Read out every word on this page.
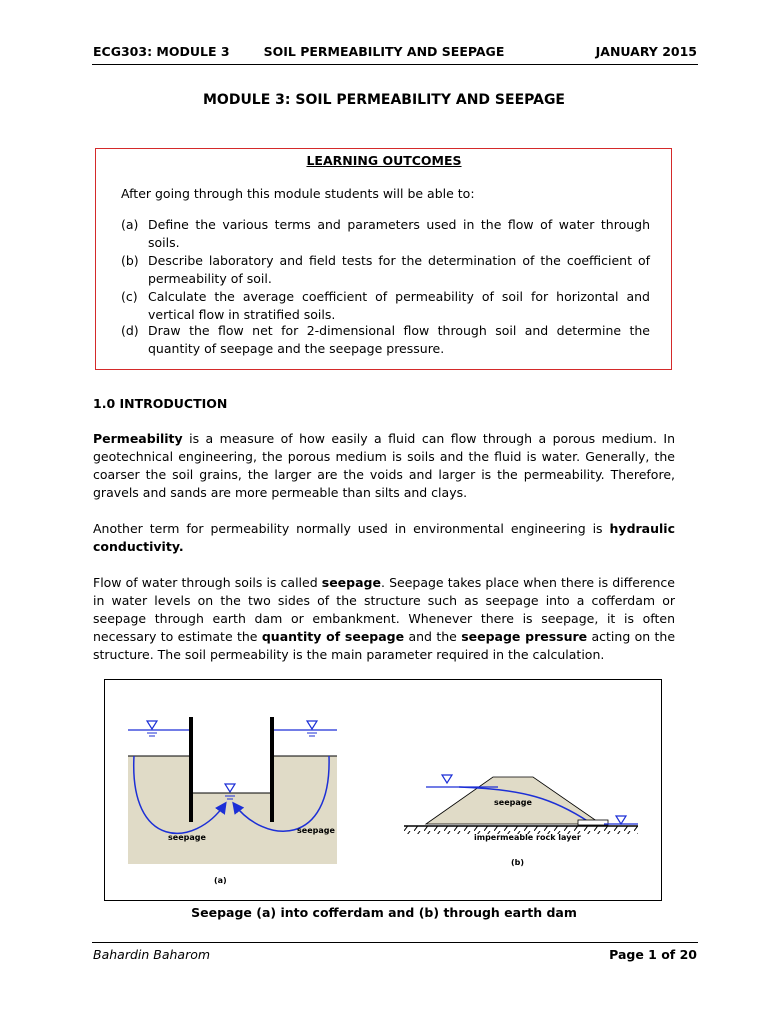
ECG303: MODULE 3	SOIL PERMEABILITY AND SEEPAGE	JANUARY 2015
MODULE 3: SOIL PERMEABILITY AND SEEPAGE
LEARNING OUTCOMES
After going through this module students will be able to:
(a) Define the various terms and parameters used in the flow of water through soils.
(b) Describe laboratory and field tests for the determination of the coefficient of permeability of soil.
(c) Calculate the average coefficient of permeability of soil for horizontal and vertical flow in stratified soils.
(d) Draw the flow net for 2-dimensional flow through soil and determine the quantity of seepage and the seepage pressure.
1.0 INTRODUCTION
Permeability is a measure of how easily a fluid can flow through a porous medium. In geotechnical engineering, the porous medium is soils and the fluid is water. Generally, the coarser the soil grains, the larger are the voids and larger is the permeability. Therefore, gravels and sands are more permeable than silts and clays.
Another term for permeability normally used in environmental engineering is hydraulic conductivity.
Flow of water through soils is called seepage. Seepage takes place when there is difference in water levels on the two sides of the structure such as seepage into a cofferdam or seepage through earth dam or embankment. Whenever there is seepage, it is often necessary to estimate the quantity of seepage and the seepage pressure acting on the structure. The soil permeability is the main parameter required in the calculation.
seepage
seepage
(a)
seepage
impermeable rock layer
(b)
Seepage (a) into cofferdam and (b) through earth dam
Bahardin Baharom	Page 1 of 20
